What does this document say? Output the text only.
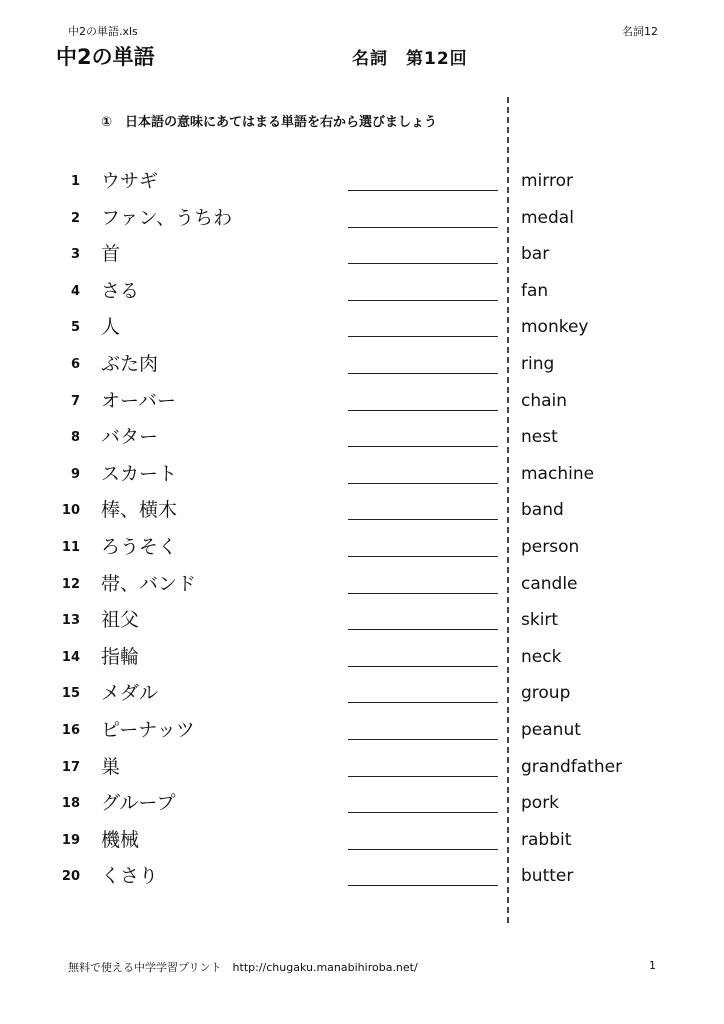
中2の単語.xls	名詞12
中2の単語	名詞　第12回
①　日本語の意味にあてはまる単語を右から選びましょう
1 ウサギ	mirror
2 ファン、うちわ	medal
3 首	bar
4 さる	fan
5 人	monkey
6 ぶた肉	ring
7 オーバー	chain
8 バター	nest
9 スカート	machine
10 棒、横木	band
11 ろうそく	person
12 帯、バンド	candle
13 祖父	skirt
14 指輪	neck
15 メダル	group
16 ピーナッツ	peanut
17 巣	grandfather
18 グループ	pork
19 機械	rabbit
20 くさり	butter
無料で使える中学学習プリント　http://chugaku.manabihiroba.net/	1
